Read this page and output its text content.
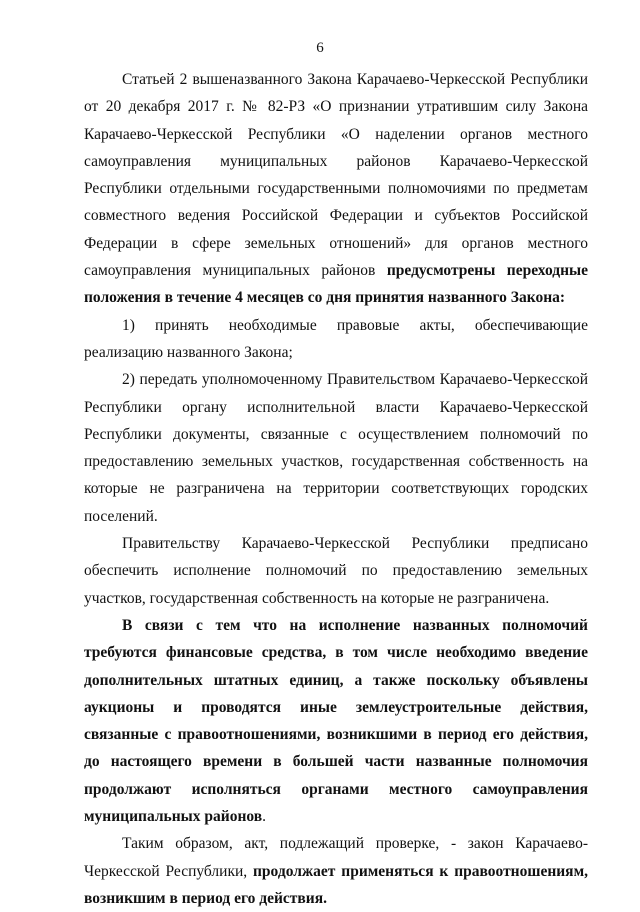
6

Статьей 2 вышеназванного Закона Карачаево-Черкесской Республики от 20 декабря 2017 г. № 82-РЗ «О признании утратившим силу Закона Карачаево-Черкесской Республики «О наделении органов местного самоуправления муниципальных районов Карачаево-Черкесской Республики отдельными государственными полномочиями по предметам совместного ведения Российской Федерации и субъектов Российской Федерации в сфере земельных отношений» для органов местного самоуправления муниципальных районов предусмотрены переходные положения в течение 4 месяцев со дня принятия названного Закона:

1) принять необходимые правовые акты, обеспечивающие реализацию названного Закона;

2) передать уполномоченному Правительством Карачаево-Черкесской Республики органу исполнительной власти Карачаево-Черкесской Республики документы, связанные с осуществлением полномочий по предоставлению земельных участков, государственная собственность на которые не разграничена на территории соответствующих городских поселений.

Правительству Карачаево-Черкесской Республики предписано обеспечить исполнение полномочий по предоставлению земельных участков, государственная собственность на которые не разграничена.

В связи с тем что на исполнение названных полномочий требуются финансовые средства, в том числе необходимо введение дополнительных штатных единиц, а также поскольку объявлены аукционы и проводятся иные землеустроительные действия, связанные с правоотношениями, возникшими в период его действия, до настоящего времени в большей части названные полномочия продолжают исполняться органами местного самоуправления муниципальных районов.

Таким образом, акт, подлежащий проверке, - закон Карачаево-Черкесской Республики, продолжает применяться к правоотношениям, возникшим в период его действия.
